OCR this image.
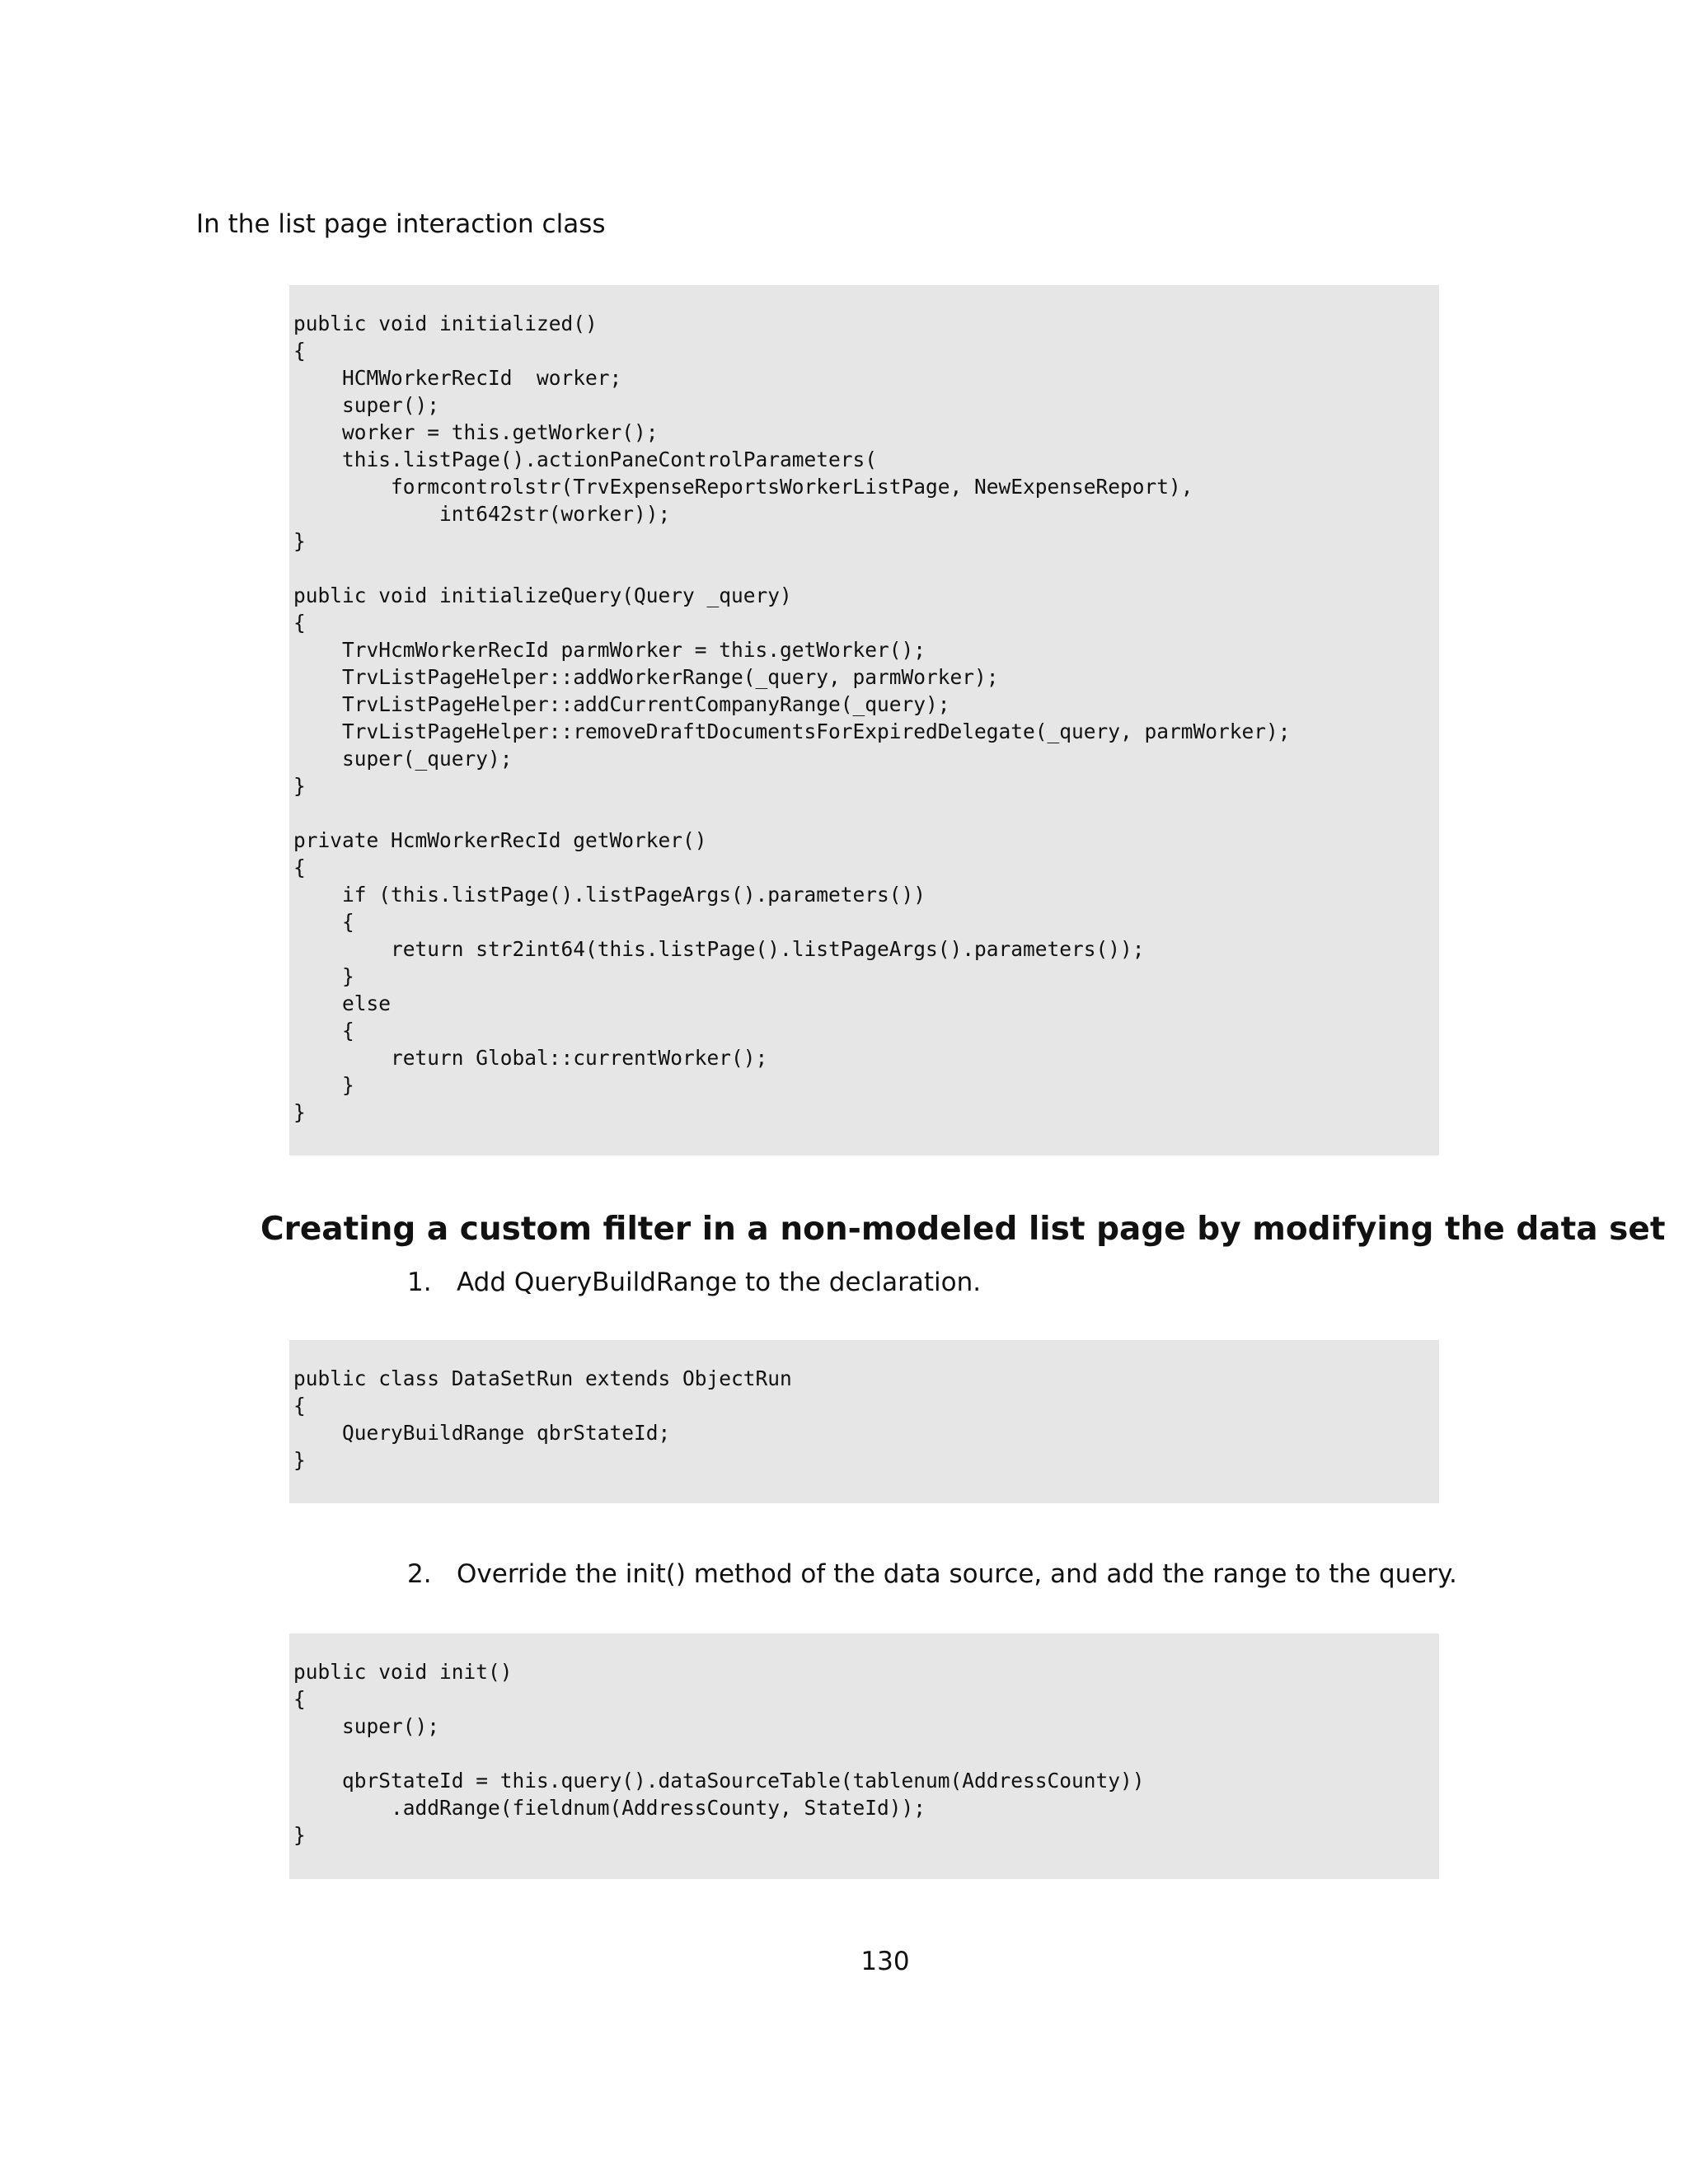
In the list page interaction class

public void initialized()
{
HCMWorkerRecId  worker;
super();
worker = this.getWorker();
this.listPage().actionPaneControlParameters(
formcontrolstr(TrvExpenseReportsWorkerListPage, NewExpenseReport),
int642str(worker));
}

public void initializeQuery(Query _query)
{
TrvHcmWorkerRecId parmWorker = this.getWorker();
TrvListPageHelper::addWorkerRange(_query, parmWorker);
TrvListPageHelper::addCurrentCompanyRange(_query);
TrvListPageHelper::removeDraftDocumentsForExpiredDelegate(_query, parmWorker);
super(_query);
}

private HcmWorkerRecId getWorker()
{
if (this.listPage().listPageArgs().parameters())
{
return str2int64(this.listPage().listPageArgs().parameters());
}
else
{
return Global::currentWorker();
}
}
Creating a custom filter in a non-modeled list page by modifying the data set

1. Add QueryBuildRange to the declaration.

public class DataSetRun extends ObjectRun
{
QueryBuildRange qbrStateId;
}

2. Override the init() method of the data source, and add the range to the query.

public void init()
{
super();

qbrStateId = this.query().dataSourceTable(tablenum(AddressCounty))
.addRange(fieldnum(AddressCounty, StateId));
}

130
